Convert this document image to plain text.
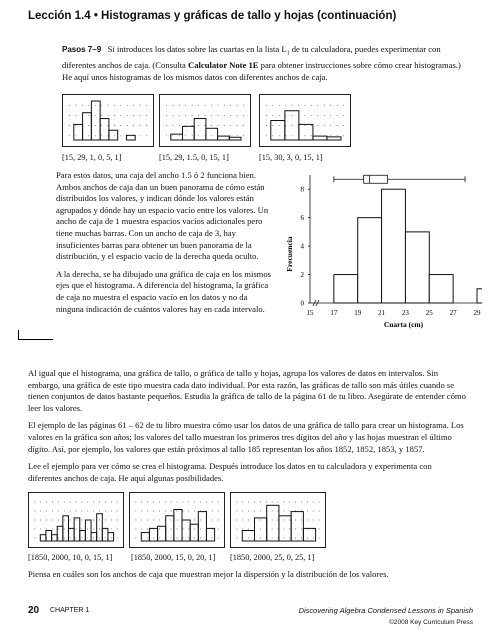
Lección 1.4 • Histogramas y gráficas de tallo y hojas (continuación)
Pasos 7–9 Si introduces los datos sobre las cuartas en la lista $L_1$ de tu calculadora, puedes experimentar con diferentes anchos de caja. (Consulta Calculator Note 1E para obtener instrucciones sobre cómo crear histogramas.) He aquí unos histogramas de los mismos datos con diferentes anchos de caja.
[15, 29, 1, 0, 5, 1]	[15, 29, 1.5, 0, 15, 1]	[15, 30, 3, 0, 15, 1]

Para estos datos, una caja del ancho 1.5 ó 2 funciona bien. Ambos anchos de caja dan un buen panorama de cómo están distribuidos los valores, y indican dónde los valores están agrupados y dónde hay un espacio vacío entre los valores. Un ancho de caja de 1 muestra espacios vacíos adicionales pero tiene muchas barras. Con un ancho de caja de 3, hay insuficientes barras para obtener un buen panorama de la distribución, y el espacio vacío de la derecha queda oculto.

A la derecha, se ha dibujado una gráfica de caja en los mismos ejes que el histograma. A diferencia del histograma, la gráfica de caja no muestra el espacio vacío en los datos y no da ninguna indicación de cuántos valores hay en cada intervalo.

0
2
4
6
8
15 17 19 21 23 25 27 29
Cuarta (cm)
Frecuencia

Al igual que el histograma, una gráfica de tallo, o gráfica de tallo y hojas, agrupa los valores de datos en intervalos. Sin embargo, una gráfica de este tipo muestra cada dato individual. Por esta razón, las gráficas de tallo son más útiles cuando se tienen conjuntos de datos bastante pequeños. Estudia la gráfica de tallo de la página 61 de tu libro. Asegúrate de entender cómo leer los valores.

El ejemplo de las páginas 61 – 62 de tu libro muestra cómo usar los datos de una gráfica de tallo para crear un histograma. Los valores en la gráfica son años; los valores del tallo muestran los primeros tres dígitos del año y las hojas muestran el último dígito. Así, por ejemplo, los valores que están próximos al tallo 185 representan los años 1852, 1852, 1853, y 1857.

Lee el ejemplo para ver cómo se crea el histograma. Después introduce los datos en tu calculadora y experimenta con diferentes anchos de caja. He aquí algunas posibilidades.

[1850, 2000, 10, 0, 15, 1] [1850, 2000, 15, 0, 20, 1] [1850, 2000, 25, 0, 25, 1]
Piensa en cuáles son los anchos de caja que muestran mejor la dispersión y la distribución de los valores.
20 CHAPTER 1	Discovering Algebra Condensed Lessons in Spanish
©2008 Key Curriculum Press
